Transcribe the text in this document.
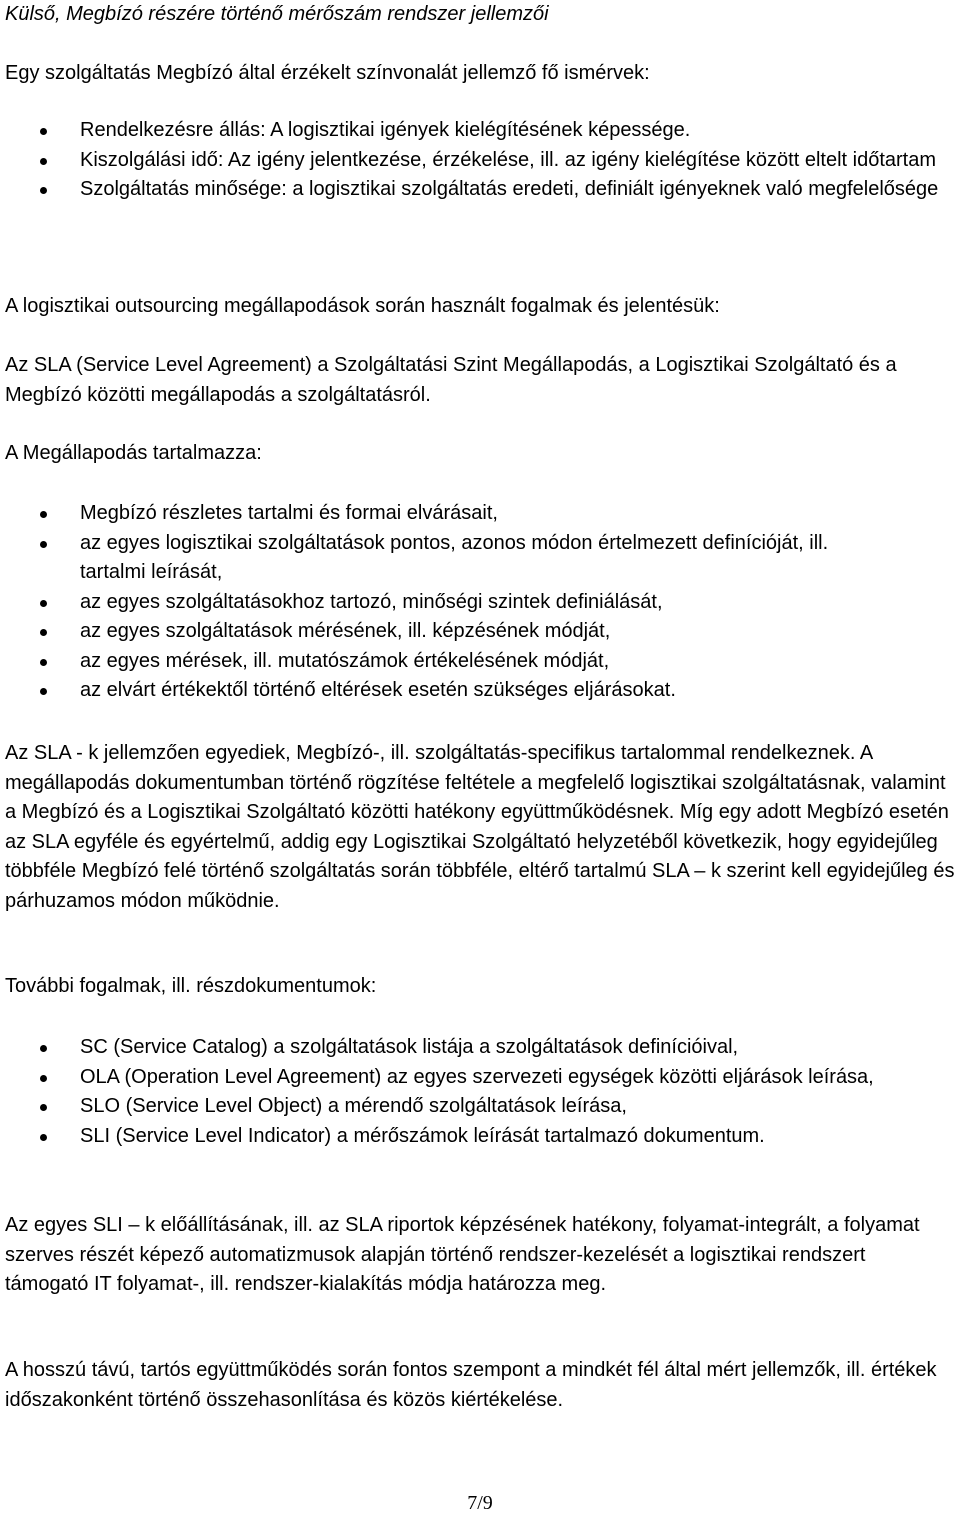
Külső, Megbízó részére történő mérőszám rendszer jellemzői

Egy szolgáltatás Megbízó által érzékelt színvonalát jellemző fő ismérvek:

Rendelkezésre állás: A logisztikai igények kielégítésének képessége.
Kiszolgálási idő: Az igény jelentkezése, érzékelése, ill. az igény kielégítése között eltelt időtartam
Szolgáltatás minősége: a logisztikai szolgáltatás eredeti, definiált igényeknek való megfelelősége

A logisztikai outsourcing megállapodások során használt fogalmak és jelentésük:

Az SLA (Service Level Agreement) a Szolgáltatási Szint Megállapodás, a Logisztikai Szolgáltató és a Megbízó közötti megállapodás a szolgáltatásról.

A Megállapodás tartalmazza:

Megbízó részletes tartalmi és formai elvárásait,
az egyes logisztikai szolgáltatások pontos, azonos módon értelmezett definícióját, ill. tartalmi leírását,
az egyes szolgáltatásokhoz tartozó, minőségi szintek definiálását,
az egyes szolgáltatások mérésének, ill. képzésének módját,
az egyes mérések, ill. mutatószámok értékelésének módját,
az elvárt értékektől történő eltérések esetén szükséges eljárásokat.

Az SLA - k jellemzően egyediek, Megbízó-, ill. szolgáltatás-specifikus tartalommal rendelkeznek. A megállapodás dokumentumban történő rögzítése feltétele a megfelelő logisztikai szolgáltatásnak, valamint a Megbízó és a Logisztikai Szolgáltató közötti hatékony együttműködésnek. Míg egy adott Megbízó esetén az SLA egyféle és egyértelmű, addig egy Logisztikai Szolgáltató helyzetéből következik, hogy egyidejűleg többféle Megbízó felé történő szolgáltatás során többféle, eltérő tartalmú SLA – k szerint kell egyidejűleg és párhuzamos módon működnie.

További fogalmak, ill. részdokumentumok:

SC (Service Catalog) a szolgáltatások listája a szolgáltatások definícióival,
OLA (Operation Level Agreement) az egyes szervezeti egységek közötti eljárások leírása,
SLO (Service Level Object) a mérendő szolgáltatások leírása,
SLI (Service Level Indicator) a mérőszámok leírását tartalmazó dokumentum.

Az egyes SLI – k előállításának, ill. az SLA riportok képzésének hatékony, folyamat-integrált, a folyamat szerves részét képező automatizmusok alapján történő rendszer-kezelését a logisztikai rendszert támogató IT folyamat-, ill. rendszer-kialakítás módja határozza meg.

A hosszú távú, tartós együttműködés során fontos szempont a mindkét fél által mért jellemzők, ill. értékek időszakonként történő összehasonlítása és közös kiértékelése.

7/9
